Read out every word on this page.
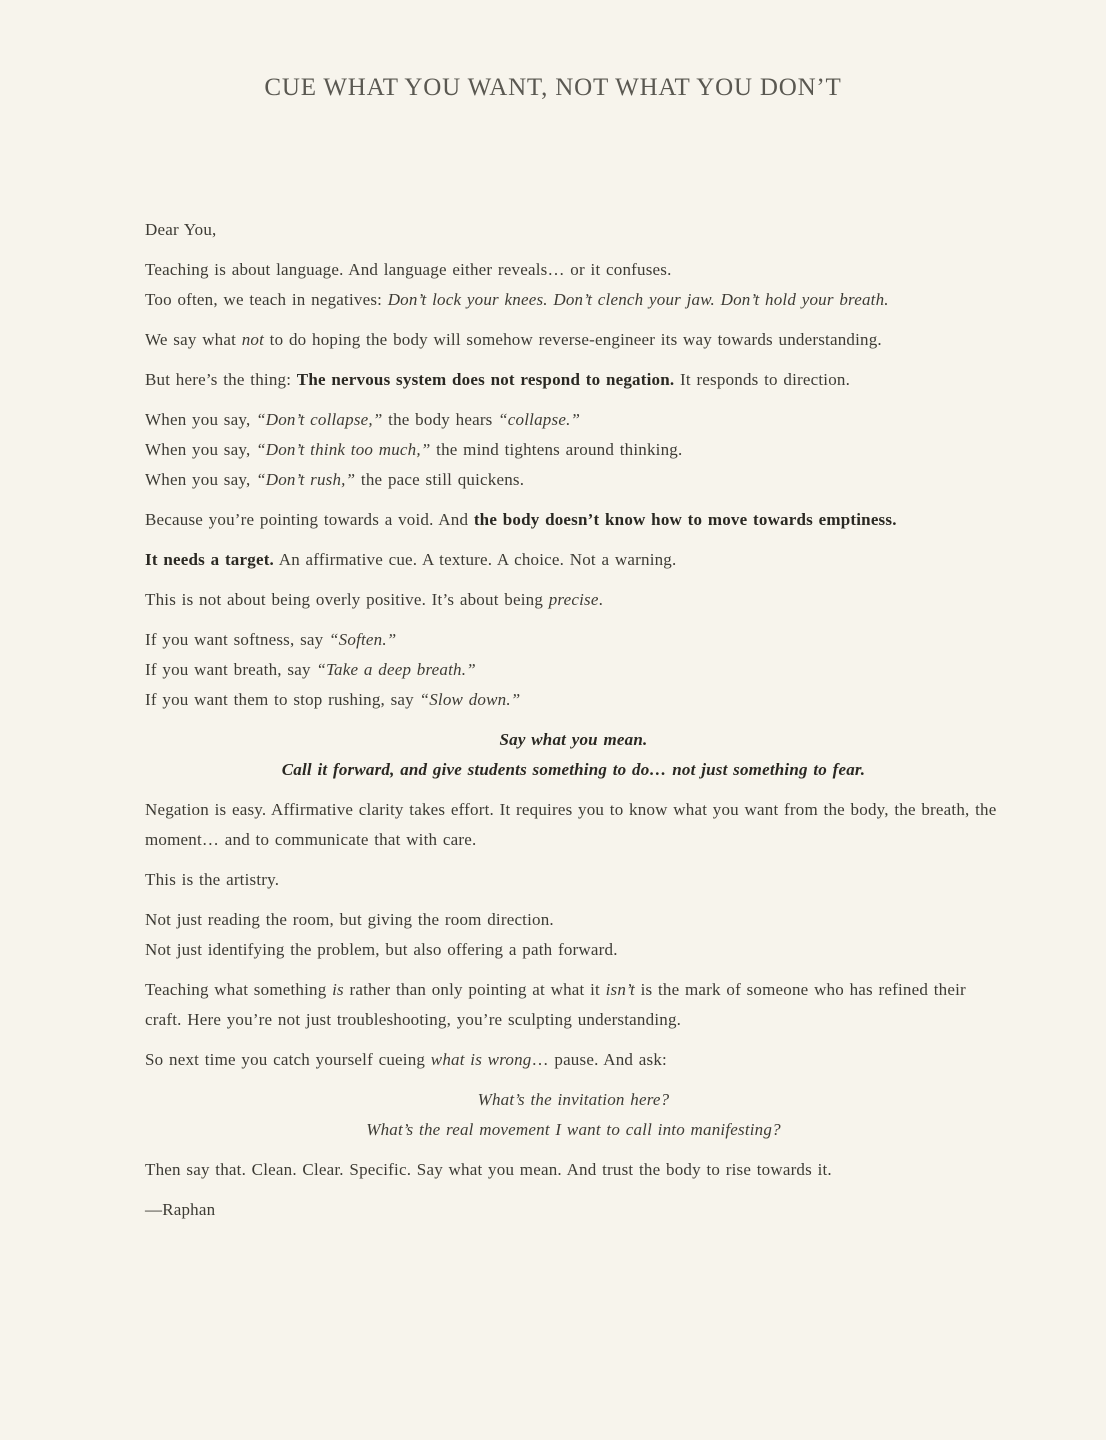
CUE WHAT YOU WANT, NOT WHAT YOU DON’T

Dear You,

Teaching is about language. And language either reveals… or it confuses.
Too often, we teach in negatives: Don’t lock your knees. Don’t clench your jaw. Don’t hold your breath.

We say what not to do hoping the body will somehow reverse-engineer its way towards understanding.

But here’s the thing: The nervous system does not respond to negation. It responds to direction.

When you say, “Don’t collapse,” the body hears “collapse.”
When you say, “Don’t think too much,” the mind tightens around thinking.
When you say, “Don’t rush,” the pace still quickens.

Because you’re pointing towards a void. And the body doesn’t know how to move towards emptiness.

It needs a target. An affirmative cue. A texture. A choice. Not a warning.

This is not about being overly positive. It’s about being precise.

If you want softness, say “Soften.”
If you want breath, say “Take a deep breath.”
If you want them to stop rushing, say “Slow down.”

Say what you mean.
Call it forward, and give students something to do… not just something to fear.

Negation is easy. Affirmative clarity takes effort. It requires you to know what you want from the body, the breath, the moment… and to communicate that with care.

This is the artistry.

Not just reading the room, but giving the room direction.
Not just identifying the problem, but also offering a path forward.

Teaching what something is rather than only pointing at what it isn’t is the mark of someone who has refined their craft. Here you’re not just troubleshooting, you’re sculpting understanding.

So next time you catch yourself cueing what is wrong… pause. And ask:

What’s the invitation here?
What’s the real movement I want to call into manifesting?

Then say that. Clean. Clear. Specific. Say what you mean. And trust the body to rise towards it.

—Raphan
